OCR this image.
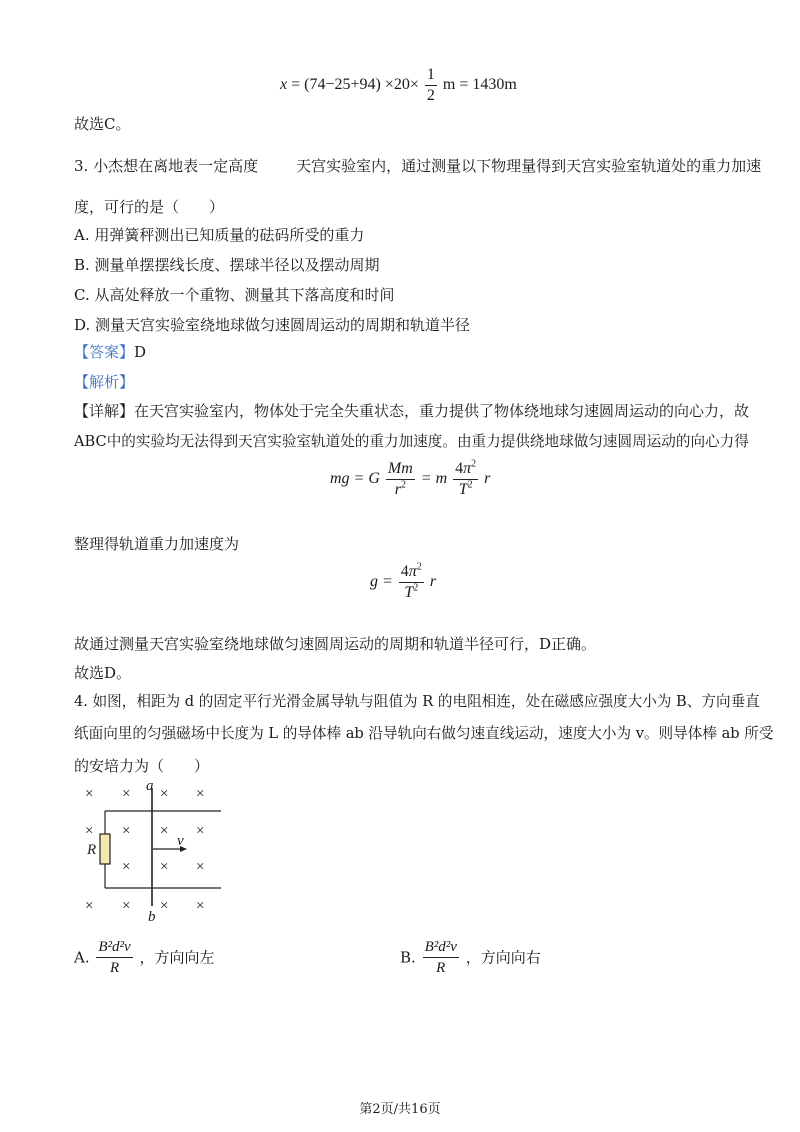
$x = (74-25+94) \times 20\times \frac{1}{2}$ m = 1430m
故选C。
3. 小杰想在离地表一定高度	天宫实验室内，通过测量以下物理量得到天宫实验室轨道处的重力加速
度，可行的是（　　）
A. 用弹簧秤测出已知质量的砝码所受的重力
B. 测量单摆摆线长度、摆球半径以及摆动周期
C. 从高处释放一个重物、测量其下落高度和时间
D. 测量天宫实验室绕地球做匀速圆周运动的周期和轨道半径
【答案】D
【解析】
【详解】在天宫实验室内，物体处于完全失重状态，重力提供了物体绕地球匀速圆周运动的向心力，故
ABC中的实验均无法得到天宫实验室轨道处的重力加速度。由重力提供绕地球做匀速圆周运动的向心力得
mg = G $\frac{Mm}{r^2} = m \frac{4\pi^2}{T^2}$ r
整理得轨道重力加速度为
$g = \frac{4\pi^2}{T^2}$ r
故通过测量天宫实验室绕地球做匀速圆周运动的周期和轨道半径可行，D正确。
故选D。
4. 如图，相距为 d 的固定平行光滑金属导轨与阻值为 R 的电阻相连，处在磁感应强度大小为 B、方向垂直
纸面向里的匀强磁场中长度为 L 的导体棒 ab 沿导轨向右做匀速直线运动，速度大小为 v。则导体棒 ab 所受
的安培力为（　　）
× × × ×
× × × ×
× × ×
× × × ×
a
b
R
v
A. $\frac{\text{B²d²v}}{R}$ ，方向向左	B. $\frac{\text{B²d²v}}{R}$ ，方向向右
第2页/共16页
